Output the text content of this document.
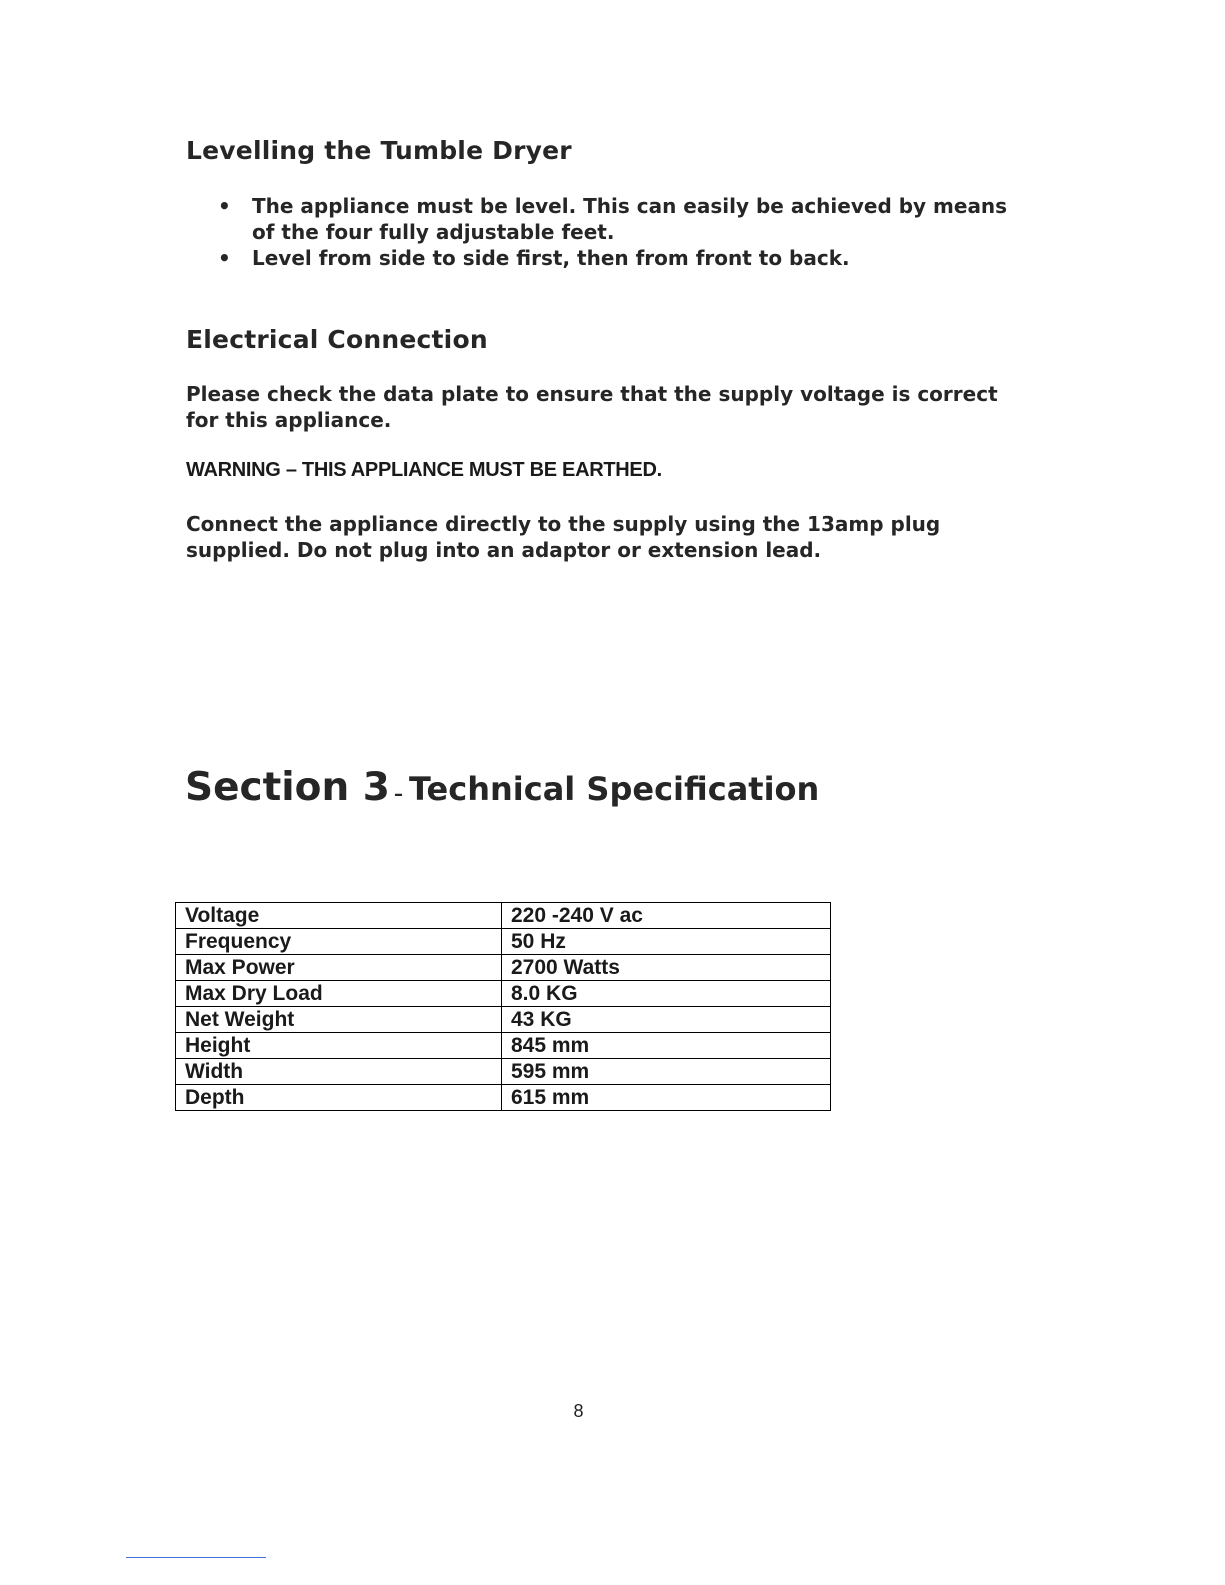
Levelling the Tumble Dryer
• The appliance must be level. This can easily be achieved by means of the four fully adjustable feet.
• Level from side to side first, then from front to back.
Electrical Connection

Please check the data plate to ensure that the supply voltage is correct for this appliance.

WARNING – THIS APPLIANCE MUST BE EARTHED.

Connect the appliance directly to the supply using the 13amp plug supplied. Do not plug into an adaptor or extension lead.

Section 3 – Technical Specification
Voltage	220 -240 V ac
Frequency	50 Hz
Max Power	2700 Watts
Max Dry Load	8.0 KG
Net Weight	43 KG
Height	845 mm
Width	595 mm
Depth	615 mm
8
